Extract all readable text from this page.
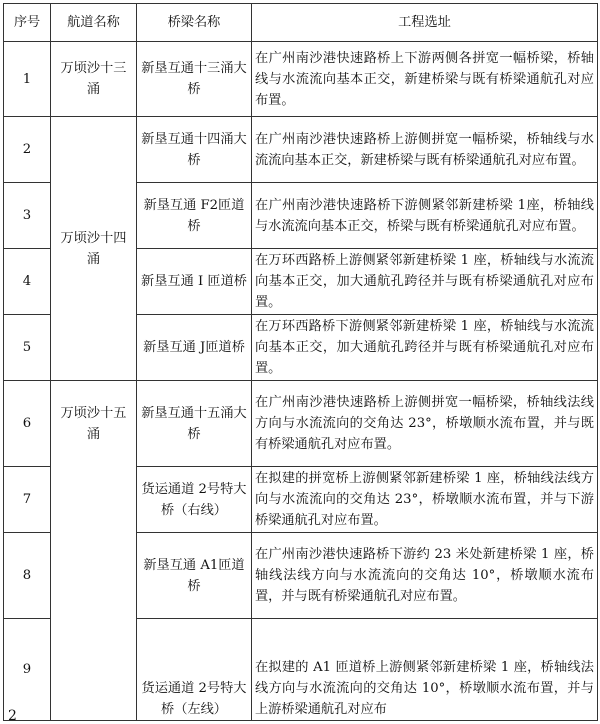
序号	航道名称	桥梁名称	工程选址
1	万顷沙十三涌	新垦互通十三涌大桥	在广州南沙港快速路桥上下游两侧各拼宽一幅桥梁，桥轴线与水流流向基本正交，新建桥梁与既有桥梁通航孔对应布置。
2	万顷沙十四涌	新垦互通十四涌大桥	在广州南沙港快速路桥上游侧拼宽一幅桥梁，桥轴线与水流流向基本正交，新建桥梁与既有桥梁通航孔对应布置。
3		新垦互通 F2匝道桥	在广州南沙港快速路桥下游侧紧邻新建桥梁 1座，桥轴线与水流流向基本正交，桥梁与既有桥梁通航孔对应布置。
4		新垦互通 I 匝道桥	在万环西路桥上游侧紧邻新建桥梁 1 座，桥轴线与水流流向基本正交，加大通航孔跨径并与既有桥梁通航孔对应布置。
5		新垦互通 J匝道桥	在万环西路桥下游侧紧邻新建桥梁 1 座，桥轴线与水流流向基本正交，加大通航孔跨径并与既有桥梁通航孔对应布置。
6	万顷沙十五涌	新垦互通十五涌大桥	在广州南沙港快速路桥上游侧拼宽一幅桥梁，桥轴线法线方向与水流流向的交角达 23°，桥墩顺水流布置，并与既有桥梁通航孔对应布置。
7		货运通道 2号特大桥（右线）	在拟建的拼宽桥上游侧紧邻新建桥梁 1 座，桥轴线法线方向与水流流向的交角达 23°，桥墩顺水流布置，并与下游桥梁通航孔对应布置。
8		新垦互通 A1匝道桥	在广州南沙港快速路桥下游约 23 米处新建桥梁 1 座，桥轴线法线方向与水流流向的交角达 10°，桥墩顺水流布置，并与既有桥梁通航孔对应布置。
9		货运通道 2号特大桥（左线）	在拟建的 A1 匝道桥上游侧紧邻新建桥梁 1 座，桥轴线法线方向与水流流向的交角达 10°，桥墩顺水流布置，并与上游桥梁通航孔对应布
2
